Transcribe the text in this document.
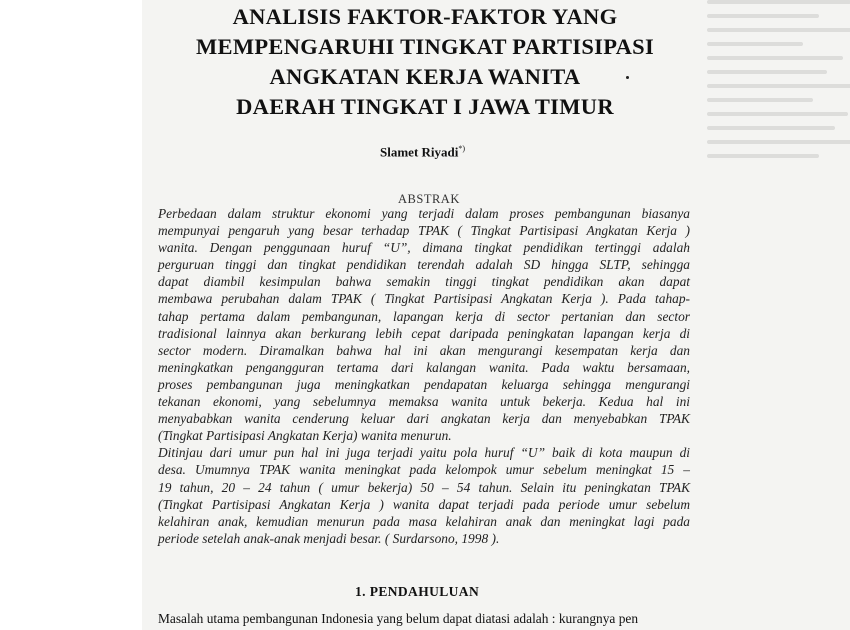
ANALISIS FAKTOR-FAKTOR YANG
MEMPENGARUHI TINGKAT PARTISIPASI
ANGKATAN KERJA WANITA
DAERAH TINGKAT I JAWA TIMUR
Slamet Riyadi*)
ABSTRAK
Perbedaan dalam struktur ekonomi yang terjadi dalam proses pembangunan biasanya
mempunyai pengaruh yang besar terhadap TPAK ( Tingkat Partisipasi Angkatan Kerja )
wanita. Dengan penggunaan huruf “U”, dimana tingkat pendidikan tertinggi adalah
perguruan tinggi dan tingkat pendidikan terendah adalah SD hingga SLTP, sehingga
dapat diambil kesimpulan bahwa semakin tinggi tingkat pendidikan akan dapat
membawa perubahan dalam TPAK ( Tingkat Partisipasi Angkatan Kerja ). Pada tahap-
tahap pertama dalam pembangunan, lapangan kerja di sector pertanian dan sector
tradisional lainnya akan berkurang lebih cepat daripada peningkatan lapangan kerja di
sector modern. Diramalkan bahwa hal ini akan mengurangi kesempatan kerja dan
meningkatkan pengangguran tertama dari kalangan wanita. Pada waktu bersamaan,
proses pembangunan juga meningkatkan pendapatan keluarga sehingga mengurangi
tekanan ekonomi, yang sebelumnya memaksa wanita untuk bekerja. Kedua hal ini
menyababkan wanita cenderung keluar dari angkatan kerja dan menyebabkan TPAK
(Tingkat Partisipasi Angkatan Kerja) wanita menurun.
Ditinjau dari umur pun hal ini juga terjadi yaitu pola huruf “U” baik di kota maupun di
desa. Umumnya TPAK wanita meningkat pada kelompok umur sebelum meningkat 15 –
19 tahun, 20 – 24 tahun ( umur bekerja) 50 – 54 tahun. Selain itu peningkatan TPAK
(Tingkat Partisipasi Angkatan Kerja ) wanita dapat terjadi pada periode umur sebelum
kelahiran anak, kemudian menurun pada masa kelahiran anak dan meningkat lagi pada
periode setelah anak-anak menjadi besar. ( Surdarsono, 1998 ).
1. PENDAHULUAN
Masalah utama pembangunan Indonesia yang belum dapat diatasi adalah : kurangnya pen
